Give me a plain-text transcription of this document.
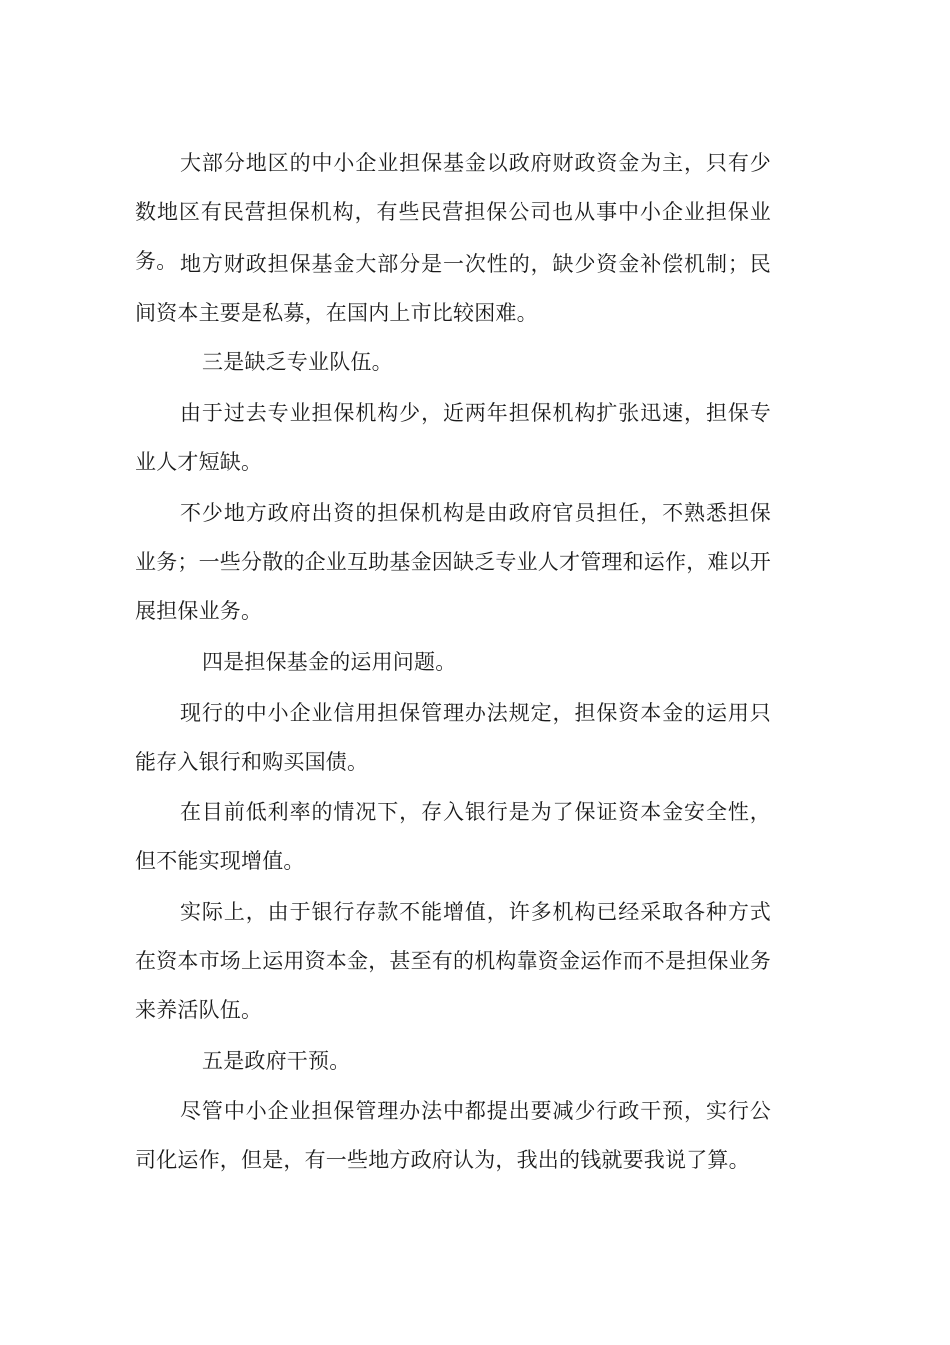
大部分地区的中小企业担保基金以政府财政资金为主，只有少数地区有民营担保机构，有些民营担保公司也从事中小企业担保业务。 地方财政担保基金大部分是一次性的，缺少资金补偿机制；民间资本主要是私募，在国内上市比较困难。

三是缺乏专业队伍。

由于过去专业担保机构少，近两年担保机构扩张迅速，担保专业人才短缺。

不少地方政府出资的担保机构是由政府官员担任，不熟悉担保业务；一些分散的企业互助基金因缺乏专业人才管理和运作，难以开展担保业务。

四是担保基金的运用问题。

现行的中小企业信用担保管理办法规定，担保资本金的运用只能存入银行和购买国债。

在目前低利率的情况下，存入银行是为了保证资本金安全性，但不能实现增值。

实际上，由于银行存款不能增值，许多机构已经采取各种方式在资本市场上运用资本金，甚至有的机构靠资金运作而不是担保业务来养活队伍。

五是政府干预。

尽管中小企业担保管理办法中都提出要减少行政干预，实行公司化运作，但是，有一些地方政府认为，我出的钱就要我说了算。
